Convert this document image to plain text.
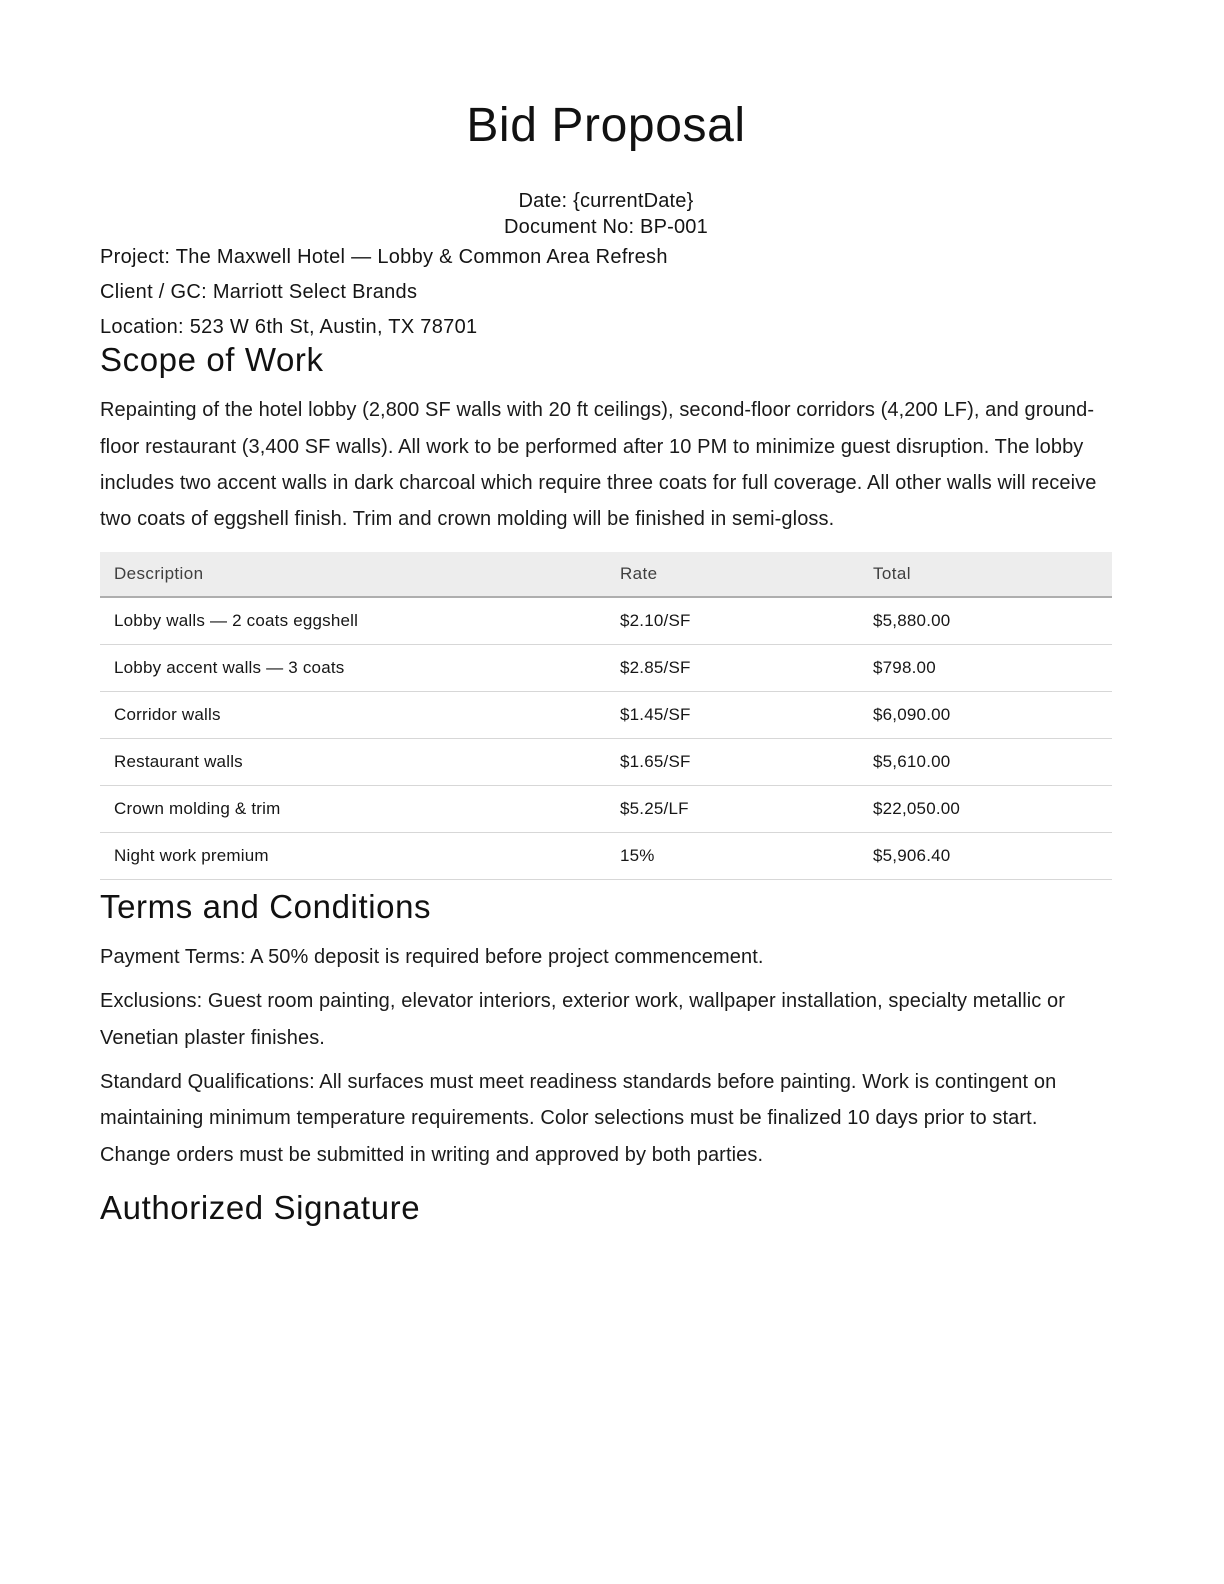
Bid Proposal
Date: {currentDate}
Document No: BP-001
Project: The Maxwell Hotel — Lobby & Common Area Refresh
Client / GC: Marriott Select Brands
Location: 523 W 6th St, Austin, TX 78701
Scope of Work

Repainting of the hotel lobby (2,800 SF walls with 20 ft ceilings), second-floor corridors (4,200 LF), and ground-floor restaurant (3,400 SF walls). All work to be performed after 10 PM to minimize guest disruption. The lobby includes two accent walls in dark charcoal which require three coats for full coverage. All other walls will receive two coats of eggshell finish. Trim and crown molding will be finished in semi-gloss.

Description	Rate	Total
Lobby walls — 2 coats eggshell	$2.10/SF	$5,880.00
Lobby accent walls — 3 coats	$2.85/SF	$798.00
Corridor walls	$1.45/SF	$6,090.00
Restaurant walls	$1.65/SF	$5,610.00
Crown molding & trim	$5.25/LF	$22,050.00
Night work premium	15%	$5,906.40
Terms and Conditions

Payment Terms: A 50% deposit is required before project commencement.

Exclusions: Guest room painting, elevator interiors, exterior work, wallpaper installation, specialty metallic or Venetian plaster finishes.

Standard Qualifications: All surfaces must meet readiness standards before painting. Work is contingent on maintaining minimum temperature requirements. Color selections must be finalized 10 days prior to start. Change orders must be submitted in writing and approved by both parties.

Authorized Signature
